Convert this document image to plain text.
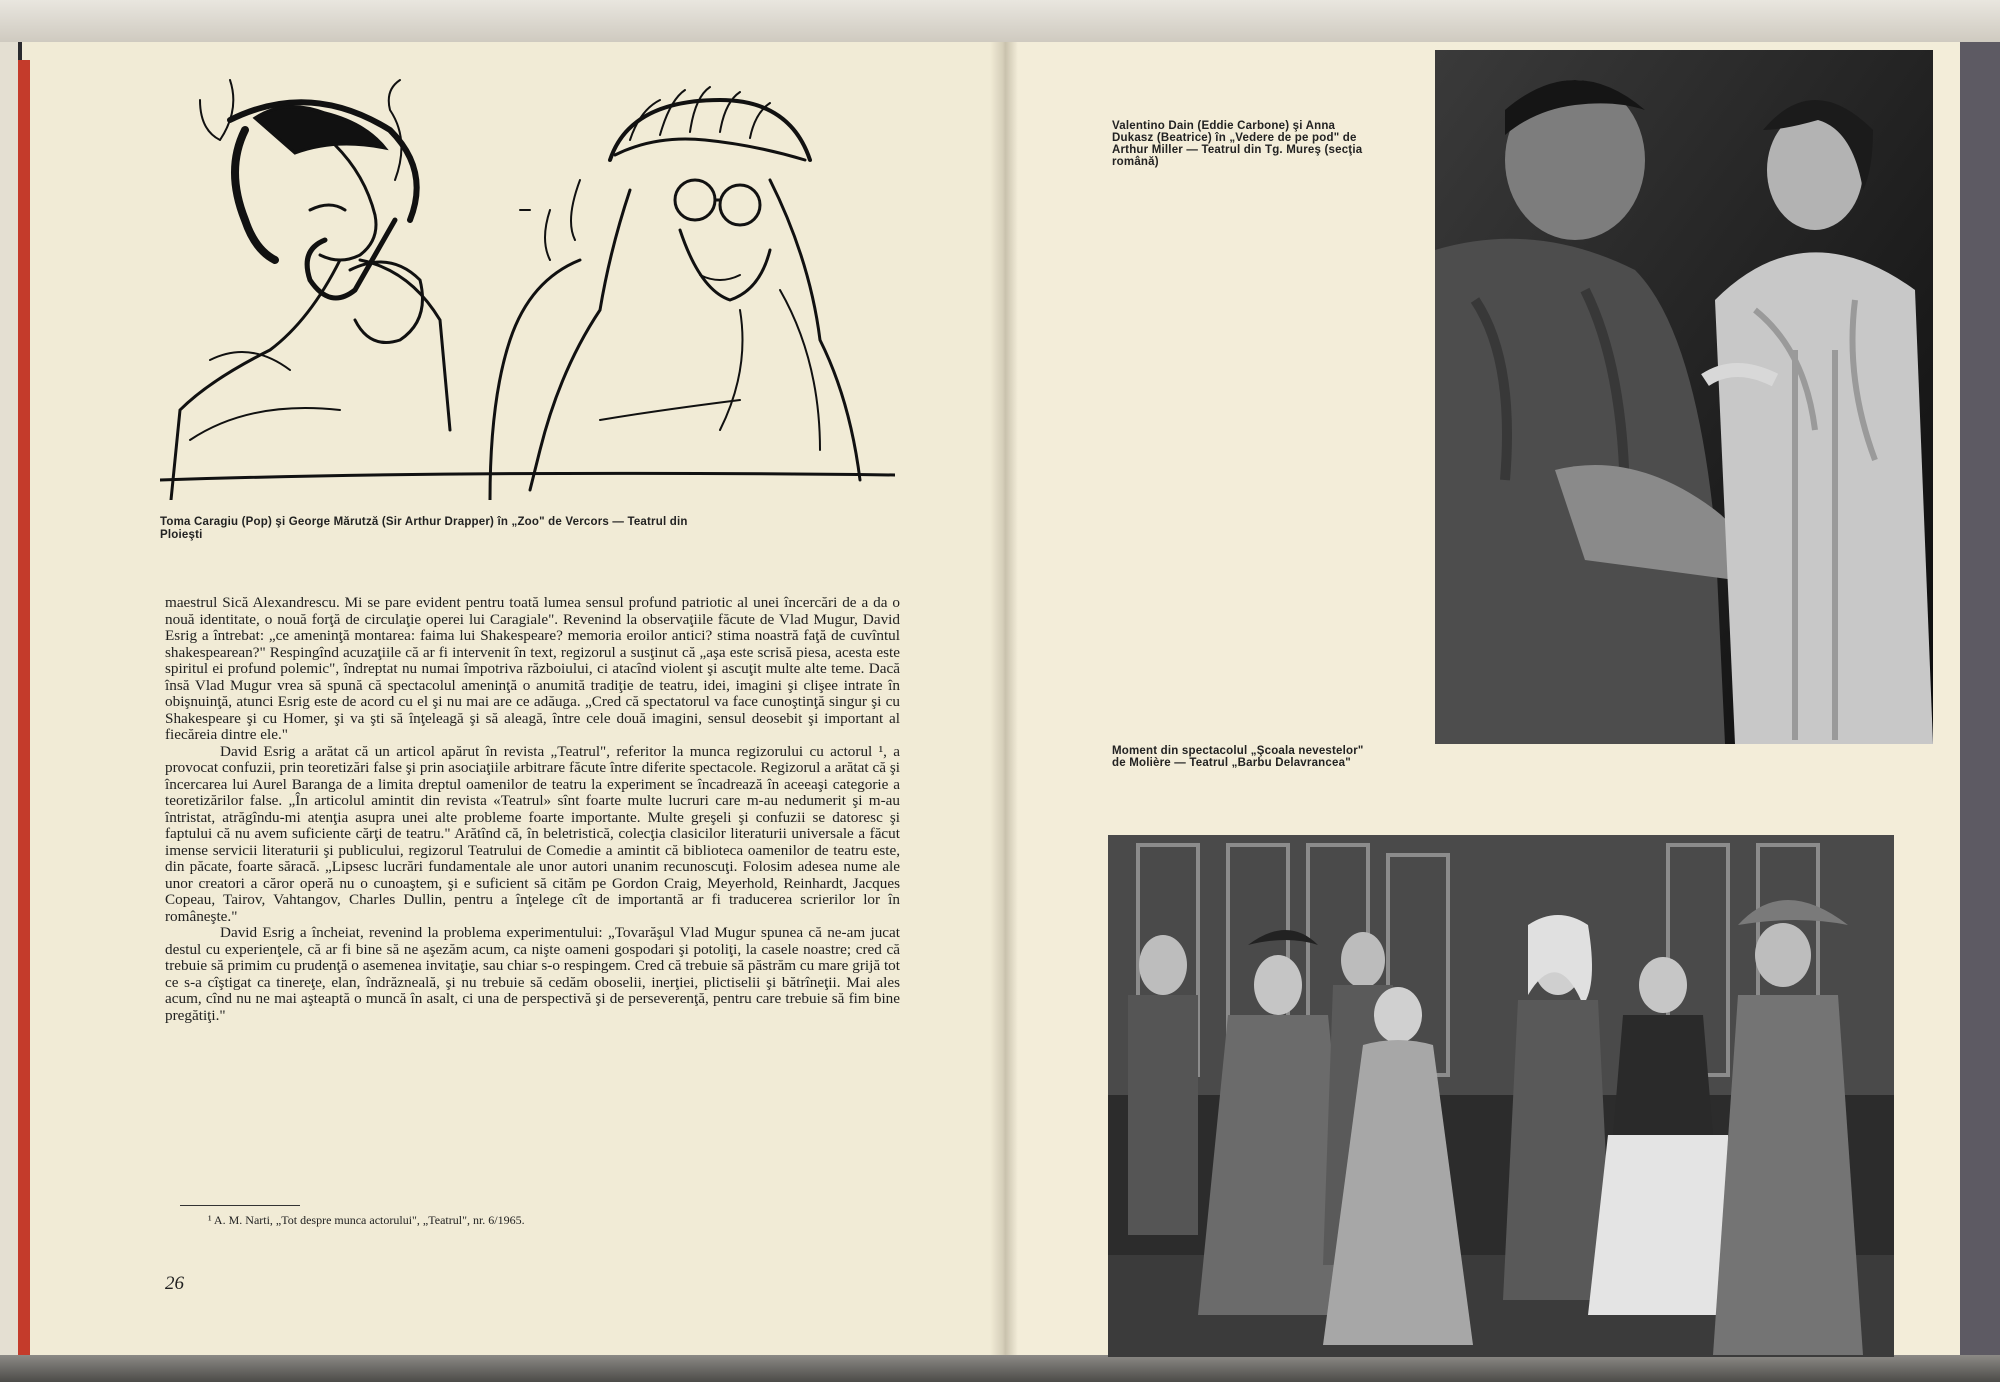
Toma Caragiu (Pop) şi George Mărutză (Sir Arthur Drapper) în „Zoo" de Vercors — Teatrul din Ploieşti

maestrul Sică Alexandrescu. Mi se pare evident pentru toată lumea sensul profund patriotic al unei încercări de a da o nouă identitate, o nouă forţă de circulaţie operei lui Caragiale". Revenind la observaţiile făcute de Vlad Mugur, David Esrig a întrebat: „ce ameninţă montarea: faima lui Shakespeare? memoria eroilor antici? stima noastră faţă de cuvîntul shakespearean?" Respingînd acuzaţiile că ar fi intervenit în text, regizorul a susţinut că „aşa este scrisă piesa, acesta este spiritul ei profund polemic", îndreptat nu numai împotriva războiului, ci atacînd violent şi ascuţit multe alte teme. Dacă însă Vlad Mugur vrea să spună că spectacolul ameninţă o anumită tradiţie de teatru, idei, imagini şi clişee intrate în obişnuinţă, atunci Esrig este de acord cu el şi nu mai are ce adăuga. „Cred că spectatorul va face cunoştinţă singur şi cu Shakespeare şi cu Homer, şi va şti să înţeleagă şi să aleagă, între cele două imagini, sensul deosebit şi important al fiecăreia dintre ele."

David Esrig a arătat că un articol apărut în revista „Teatrul", referitor la munca regizorului cu actorul ¹, a provocat confuzii, prin teoretizări false şi prin asociaţiile arbitrare făcute între diferite spectacole. Regizorul a arătat că şi încercarea lui Aurel Baranga de a limita dreptul oamenilor de teatru la experiment se încadrează în aceeaşi categorie a teoretizărilor false. „În articolul amintit din revista «Teatrul» sînt foarte multe lucruri care m-au nedumerit şi m-au întristat, atrăgîndu-mi atenţia asupra unei alte probleme foarte importante. Multe greşeli şi confuzii se datoresc şi faptului că nu avem suficiente cărţi de teatru." Arătînd că, în beletristică, colecţia clasicilor literaturii universale a făcut imense servicii literaturii şi publicului, regizorul Teatrului de Comedie a amintit că biblioteca oamenilor de teatru este, din păcate, foarte săracă. „Lipsesc lucrări fundamentale ale unor autori unanim recunoscuţi. Folosim adesea nume ale unor creatori a căror operă nu o cunoaştem, şi e suficient să cităm pe Gordon Craig, Meyerhold, Reinhardt, Jacques Copeau, Tairov, Vahtangov, Charles Dullin, pentru a înţelege cît de importantă ar fi traducerea scrierilor lor în româneşte."

David Esrig a încheiat, revenind la problema experimentului: „Tovarăşul Vlad Mugur spunea că ne-am jucat destul cu experienţele, că ar fi bine să ne aşezăm acum, ca nişte oameni gospodari şi potoliţi, la casele noastre; cred că trebuie să primim cu prudenţă o asemenea invitaţie, sau chiar s-o respingem. Cred că trebuie să păstrăm cu mare grijă tot ce s-a cîştigat ca tinereţe, elan, îndrăzneală, şi nu trebuie să cedăm oboselii, inerţiei, plictiselii şi bătrîneţii. Mai ales acum, cînd nu ne mai aşteaptă o muncă în asalt, ci una de perspectivă şi de perseverenţă, pentru care trebuie să fim bine pregătiţi."

¹ A. M. Narti, „Tot despre munca actorului", „Teatrul", nr. 6/1965.
26
Valentino Dain (Eddie Carbone) şi Anna Dukasz (Beatrice) în „Vedere de pe pod" de Arthur Miller — Teatrul din Tg. Mureş (secţia română)
Moment din spectacolul „Şcoala nevestelor" de Molière — Teatrul „Barbu Delavrancea"
